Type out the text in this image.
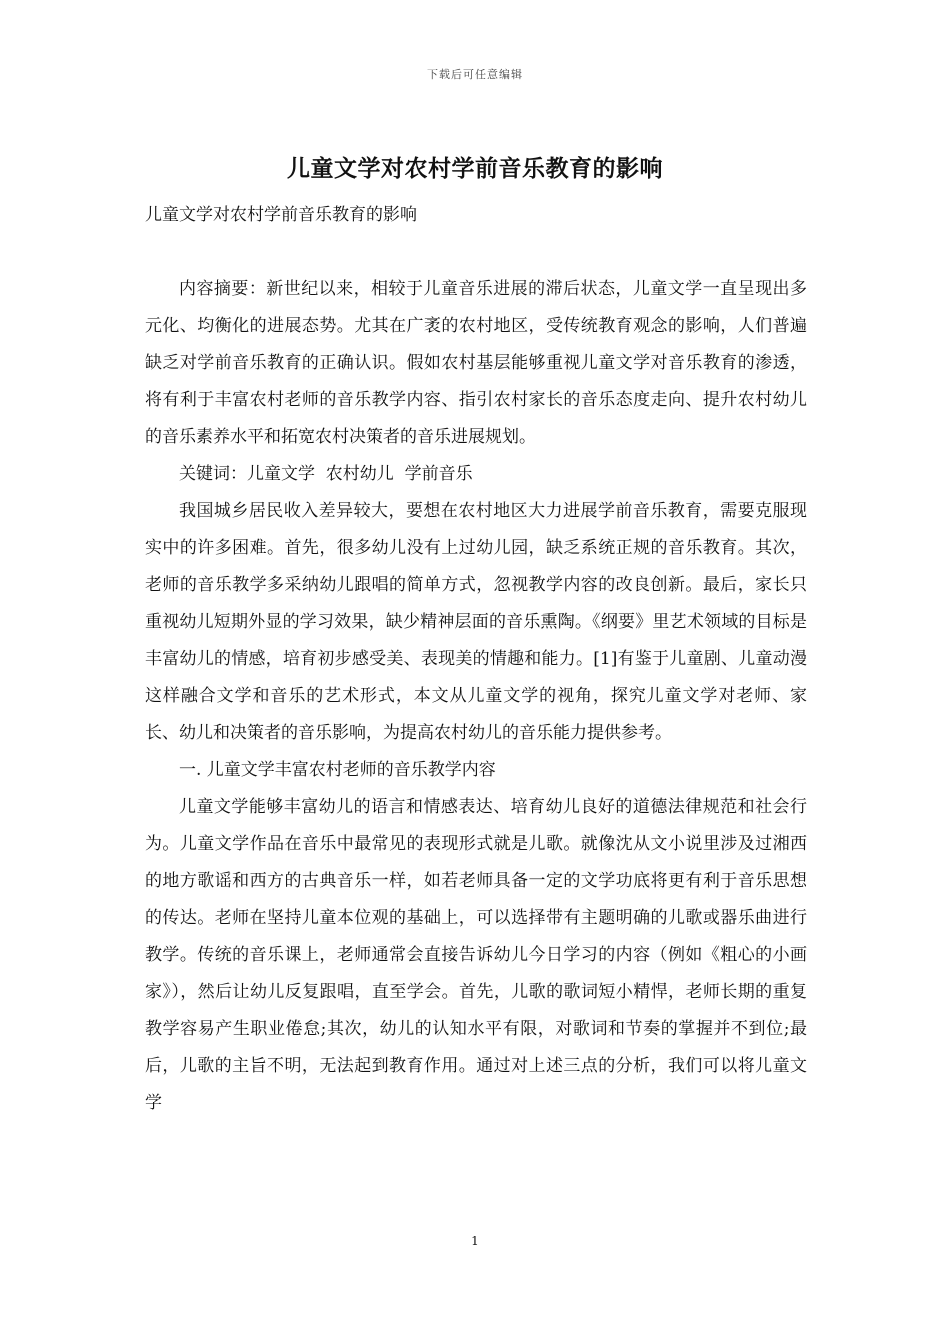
下载后可任意编辑
儿童文学对农村学前音乐教育的影响

儿童文学对农村学前音乐教育的影响

内容摘要：新世纪以来，相较于儿童音乐进展的滞后状态，儿童文学一直呈现出多元化、均衡化的进展态势。尤其在广袤的农村地区，受传统教育观念的影响，人们普遍缺乏对学前音乐教育的正确认识。假如农村基层能够重视儿童文学对音乐教育的渗透，将有利于丰富农村老师的音乐教学内容、指引农村家长的音乐态度走向、提升农村幼儿的音乐素养水平和拓宽农村决策者的音乐进展规划。

关键词：儿童文学  农村幼儿  学前音乐

我国城乡居民收入差异较大，要想在农村地区大力进展学前音乐教育，需要克服现实中的许多困难。首先，很多幼儿没有上过幼儿园，缺乏系统正规的音乐教育。其次，老师的音乐教学多采纳幼儿跟唱的简单方式，忽视教学内容的改良创新。最后，家长只重视幼儿短期外显的学习效果，缺少精神层面的音乐熏陶。《纲要》里艺术领域的目标是丰富幼儿的情感，培育初步感受美、表现美的情趣和能力。[1]有鉴于儿童剧、儿童动漫这样融合文学和音乐的艺术形式，本文从儿童文学的视角，探究儿童文学对老师、家长、幼儿和决策者的音乐影响，为提高农村幼儿的音乐能力提供参考。

一. 儿童文学丰富农村老师的音乐教学内容

儿童文学能够丰富幼儿的语言和情感表达、培育幼儿良好的道德法律规范和社会行为。儿童文学作品在音乐中最常见的表现形式就是儿歌。就像沈从文小说里涉及过湘西的地方歌谣和西方的古典音乐一样，如若老师具备一定的文学功底将更有利于音乐思想的传达。老师在坚持儿童本位观的基础上，可以选择带有主题明确的儿歌或器乐曲进行教学。传统的音乐课上，老师通常会直接告诉幼儿今日学习的内容（例如《粗心的小画家》），然后让幼儿反复跟唱，直至学会。首先，儿歌的歌词短小精悍，老师长期的重复教学容易产生职业倦怠;其次，幼儿的认知水平有限，对歌词和节奏的掌握并不到位;最后，儿歌的主旨不明，无法起到教育作用。通过对上述三点的分析，我们可以将儿童文学

1
